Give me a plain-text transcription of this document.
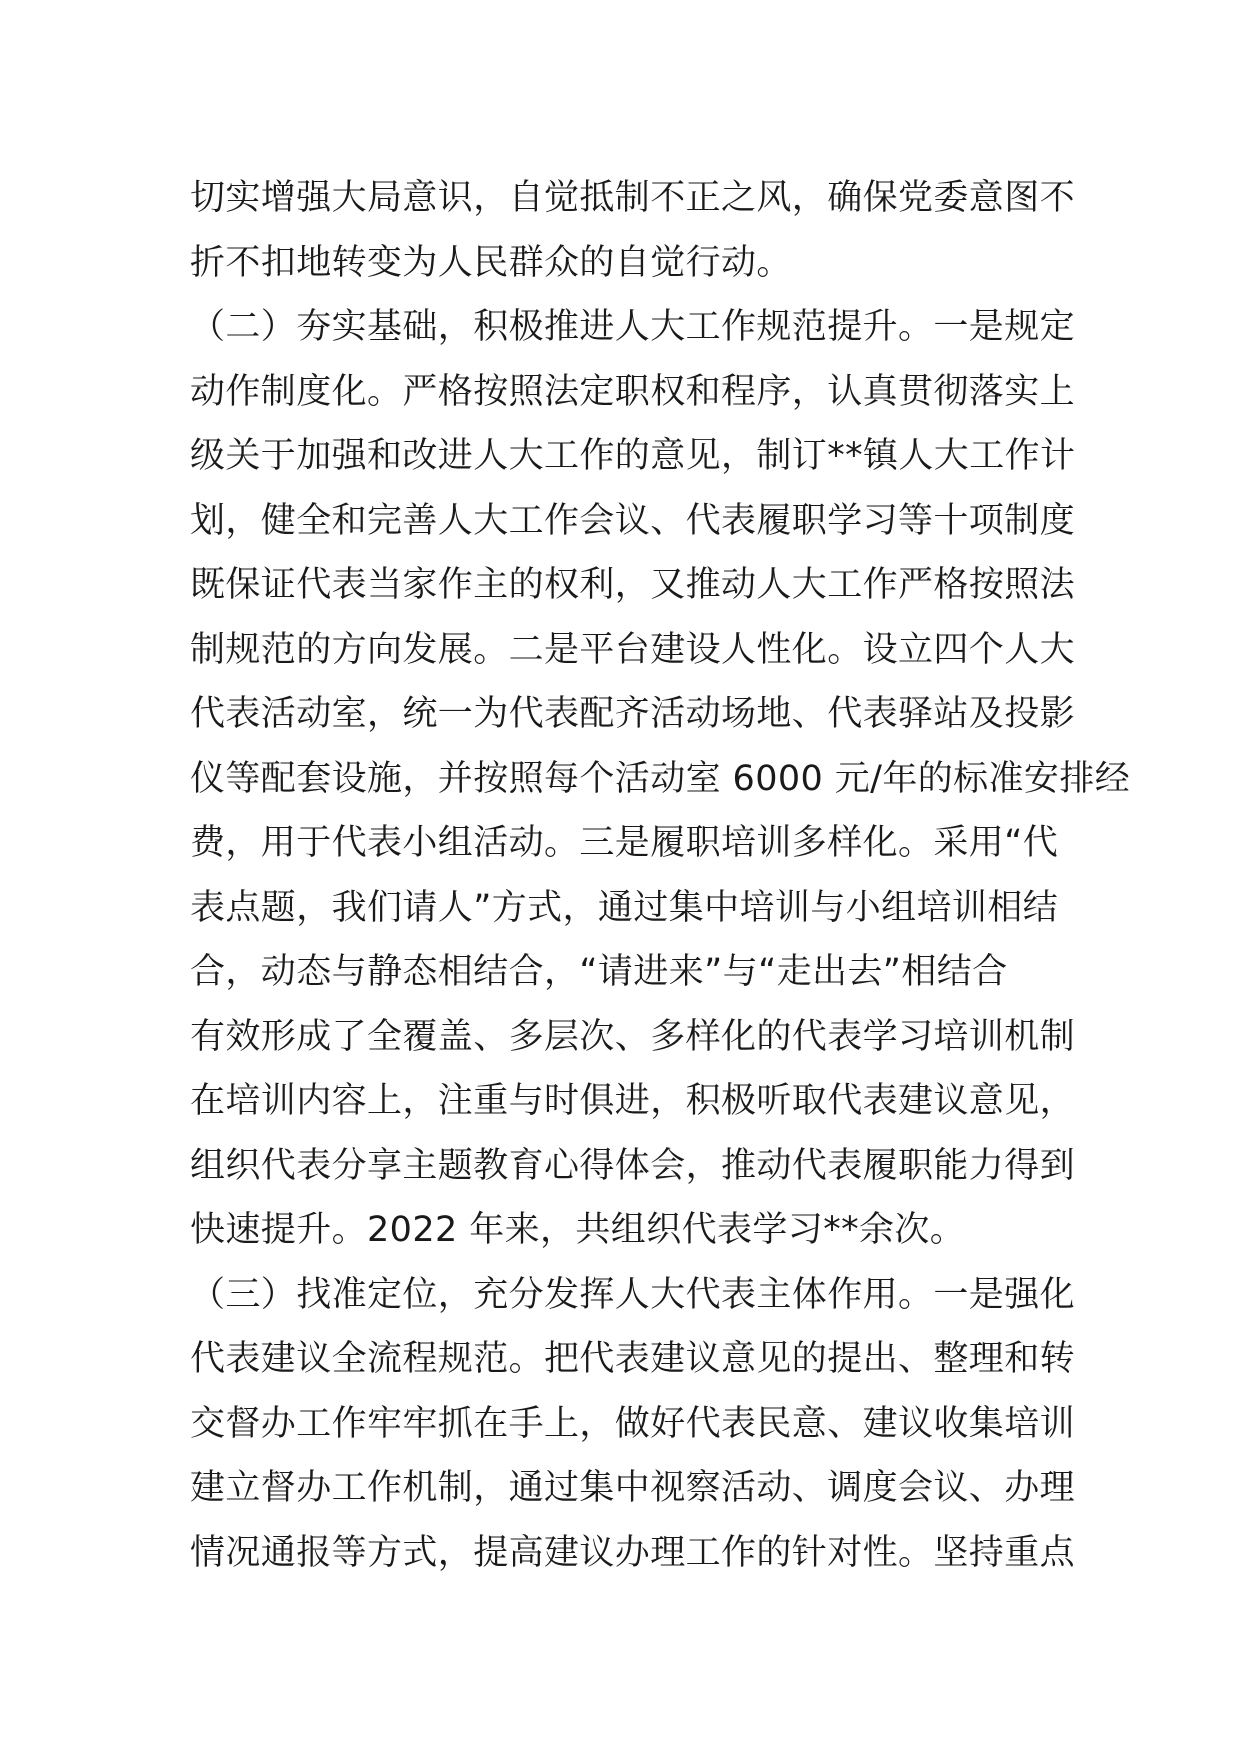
切实增强大局意识，自觉抵制不正之风，确保党委意图不
折不扣地转变为人民群众的自觉行动。
（二）夯实基础，积极推进人大工作规范提升。一是规定
动作制度化。严格按照法定职权和程序，认真贯彻落实上
级关于加强和改进人大工作的意见，制订**镇人大工作计
划，健全和完善人大工作会议、代表履职学习等十项制度
既保证代表当家作主的权利，又推动人大工作严格按照法
制规范的方向发展。二是平台建设人性化。设立四个人大
代表活动室，统一为代表配齐活动场地、代表驿站及投影
仪等配套设施，并按照每个活动室 6000 元/年的标准安排经
费，用于代表小组活动。三是履职培训多样化。采用“代
表点题，我们请人”方式，通过集中培训与小组培训相结
合，动态与静态相结合，“请进来”与“走出去”相结合
有效形成了全覆盖、多层次、多样化的代表学习培训机制
在培训内容上，注重与时俱进，积极听取代表建议意见，
组织代表分享主题教育心得体会，推动代表履职能力得到
快速提升。2022 年来，共组织代表学习**余次。
（三）找准定位，充分发挥人大代表主体作用。一是强化
代表建议全流程规范。把代表建议意见的提出、整理和转
交督办工作牢牢抓在手上，做好代表民意、建议收集培训
建立督办工作机制，通过集中视察活动、调度会议、办理
情况通报等方式，提高建议办理工作的针对性。坚持重点
